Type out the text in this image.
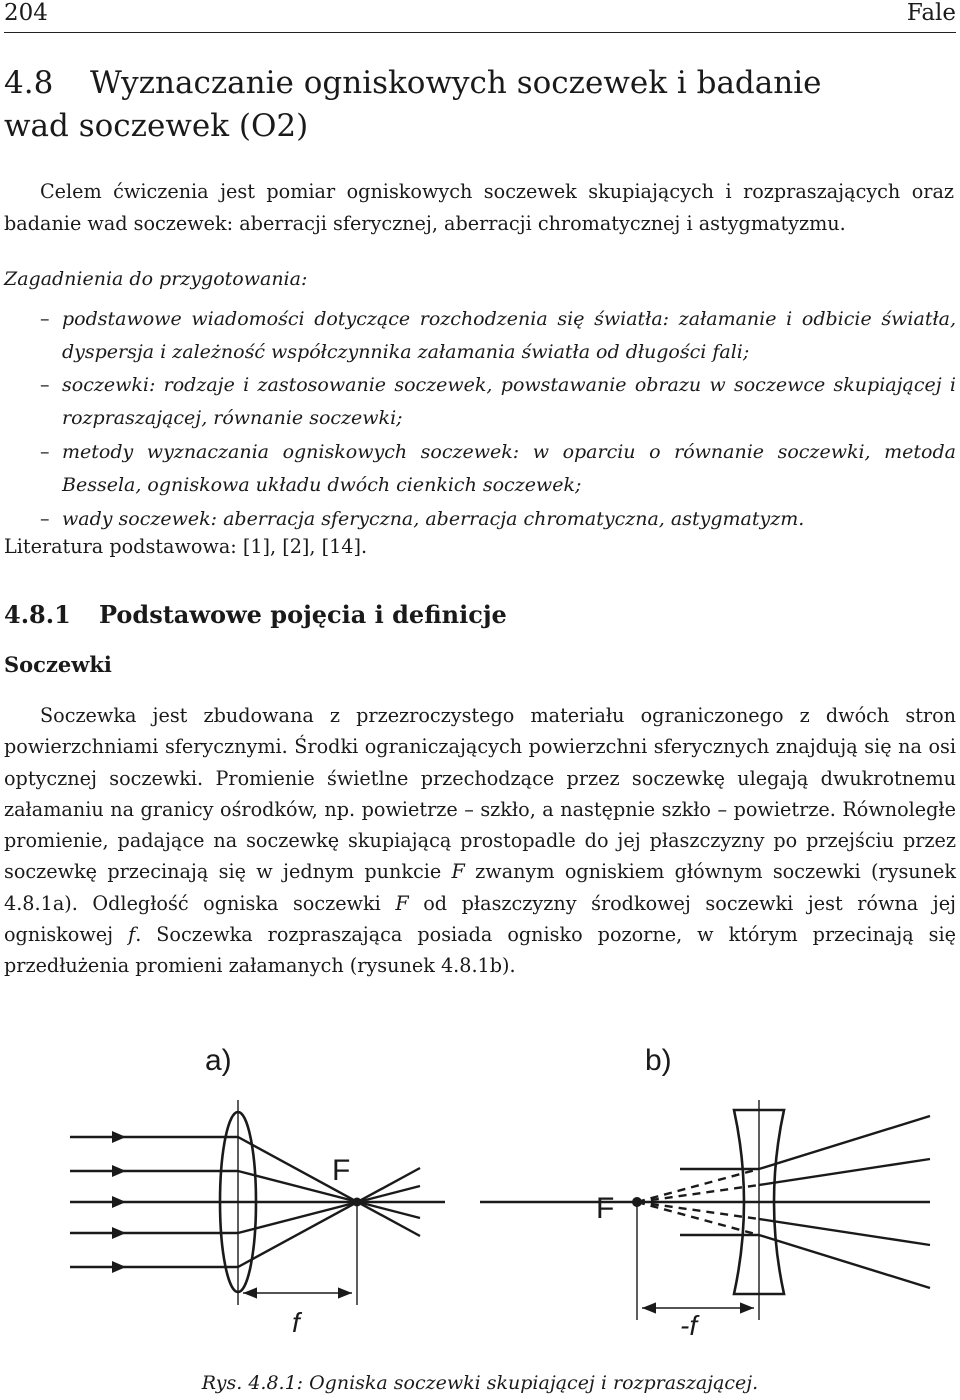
204	Fale
4.8 Wyznaczanie ogniskowych soczewek i badanie
wad soczewek (O2)

Celem ćwiczenia jest pomiar ogniskowych soczewek skupiających i rozpraszających oraz badanie wad soczewek: aberracji sferycznej, aberracji chromatycznej i astygmatyzmu.

Zagadnienia do przygotowania:
– podstawowe wiadomości dotyczące rozchodzenia się światła: załamanie i odbicie światła, dyspersja i zależność współczynnika załamania światła od długości fali;
– soczewki: rodzaje i zastosowanie soczewek, powstawanie obrazu w soczewce skupiającej i rozpraszającej, równanie soczewki;
– metody wyznaczania ogniskowych soczewek: w oparciu o równanie soczewki, metoda Bessela, ogniskowa układu dwóch cienkich soczewek;
– wady soczewek: aberracja sferyczna, aberracja chromatyczna, astygmatyzm.
Literatura podstawowa: [1], [2], [14].
4.8.1 Podstawowe pojęcia i definicje
Soczewki

Soczewka jest zbudowana z przezroczystego materiału ograniczonego z dwóch stron powierzchniami sferycznymi. Środki ograniczających powierzchni sferycznych znajdują się na osi optycznej soczewki. Promienie świetlne przechodzące przez soczewkę ulegają dwukrotnemu załamaniu na granicy ośrodków, np. powietrze – szkło, a następnie szkło – powietrze. Równoległe promienie, padające na soczewkę skupiającą prostopadle do jej płaszczyzny po przejściu przez soczewkę przecinają się w jednym punkcie F zwanym ogniskiem głównym soczewki (rysunek 4.8.1a). Odległość ogniska soczewki F od płaszczyzny środkowej soczewki jest równa jej ogniskowej f. Soczewka rozpraszająca posiada ognisko pozorne, w którym przecinają się przedłużenia promieni załamanych (rysunek 4.8.1b).

a)
F
f
b)
F
-f
Rys. 4.8.1: Ogniska soczewki skupiającej i rozpraszającej.
